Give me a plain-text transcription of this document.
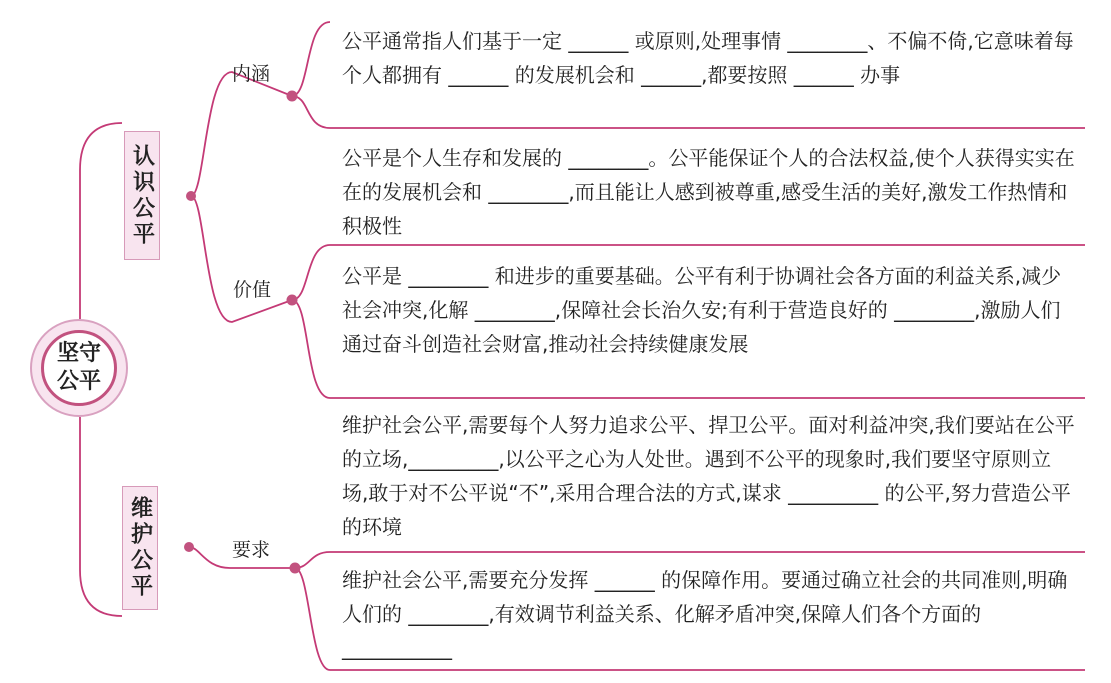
坚守公平
认识公平
维护公平
内涵
价值
要求
公平通常指人们基于一定 ______ 或原则,处理事情 ________、不偏不倚,它意味着每个人都拥有 ______ 的发展机会和 ______,都要按照 ______ 办事
公平是个人生存和发展的 ________。公平能保证个人的合法权益,使个人获得实实在在的发展机会和 ________,而且能让人感到被尊重,感受生活的美好,激发工作热情和积极性
公平是 ________ 和进步的重要基础。公平有利于协调社会各方面的利益关系,减少社会冲突,化解 ________,保障社会长治久安;有利于营造良好的 ________,激励人们通过奋斗创造社会财富,推动社会持续健康发展
维护社会公平,需要每个人努力追求公平、捍卫公平。面对利益冲突,我们要站在公平的立场,_________,以公平之心为人处世。遇到不公平的现象时,我们要坚守原则立场,敢于对不公平说“不”,采用合理合法的方式,谋求 _________ 的公平,努力营造公平的环境
维护社会公平,需要充分发挥 ______ 的保障作用。要通过确立社会的共同准则,明确人们的 ________,有效调节利益关系、化解矛盾冲突,保障人们各个方面的 ___________
